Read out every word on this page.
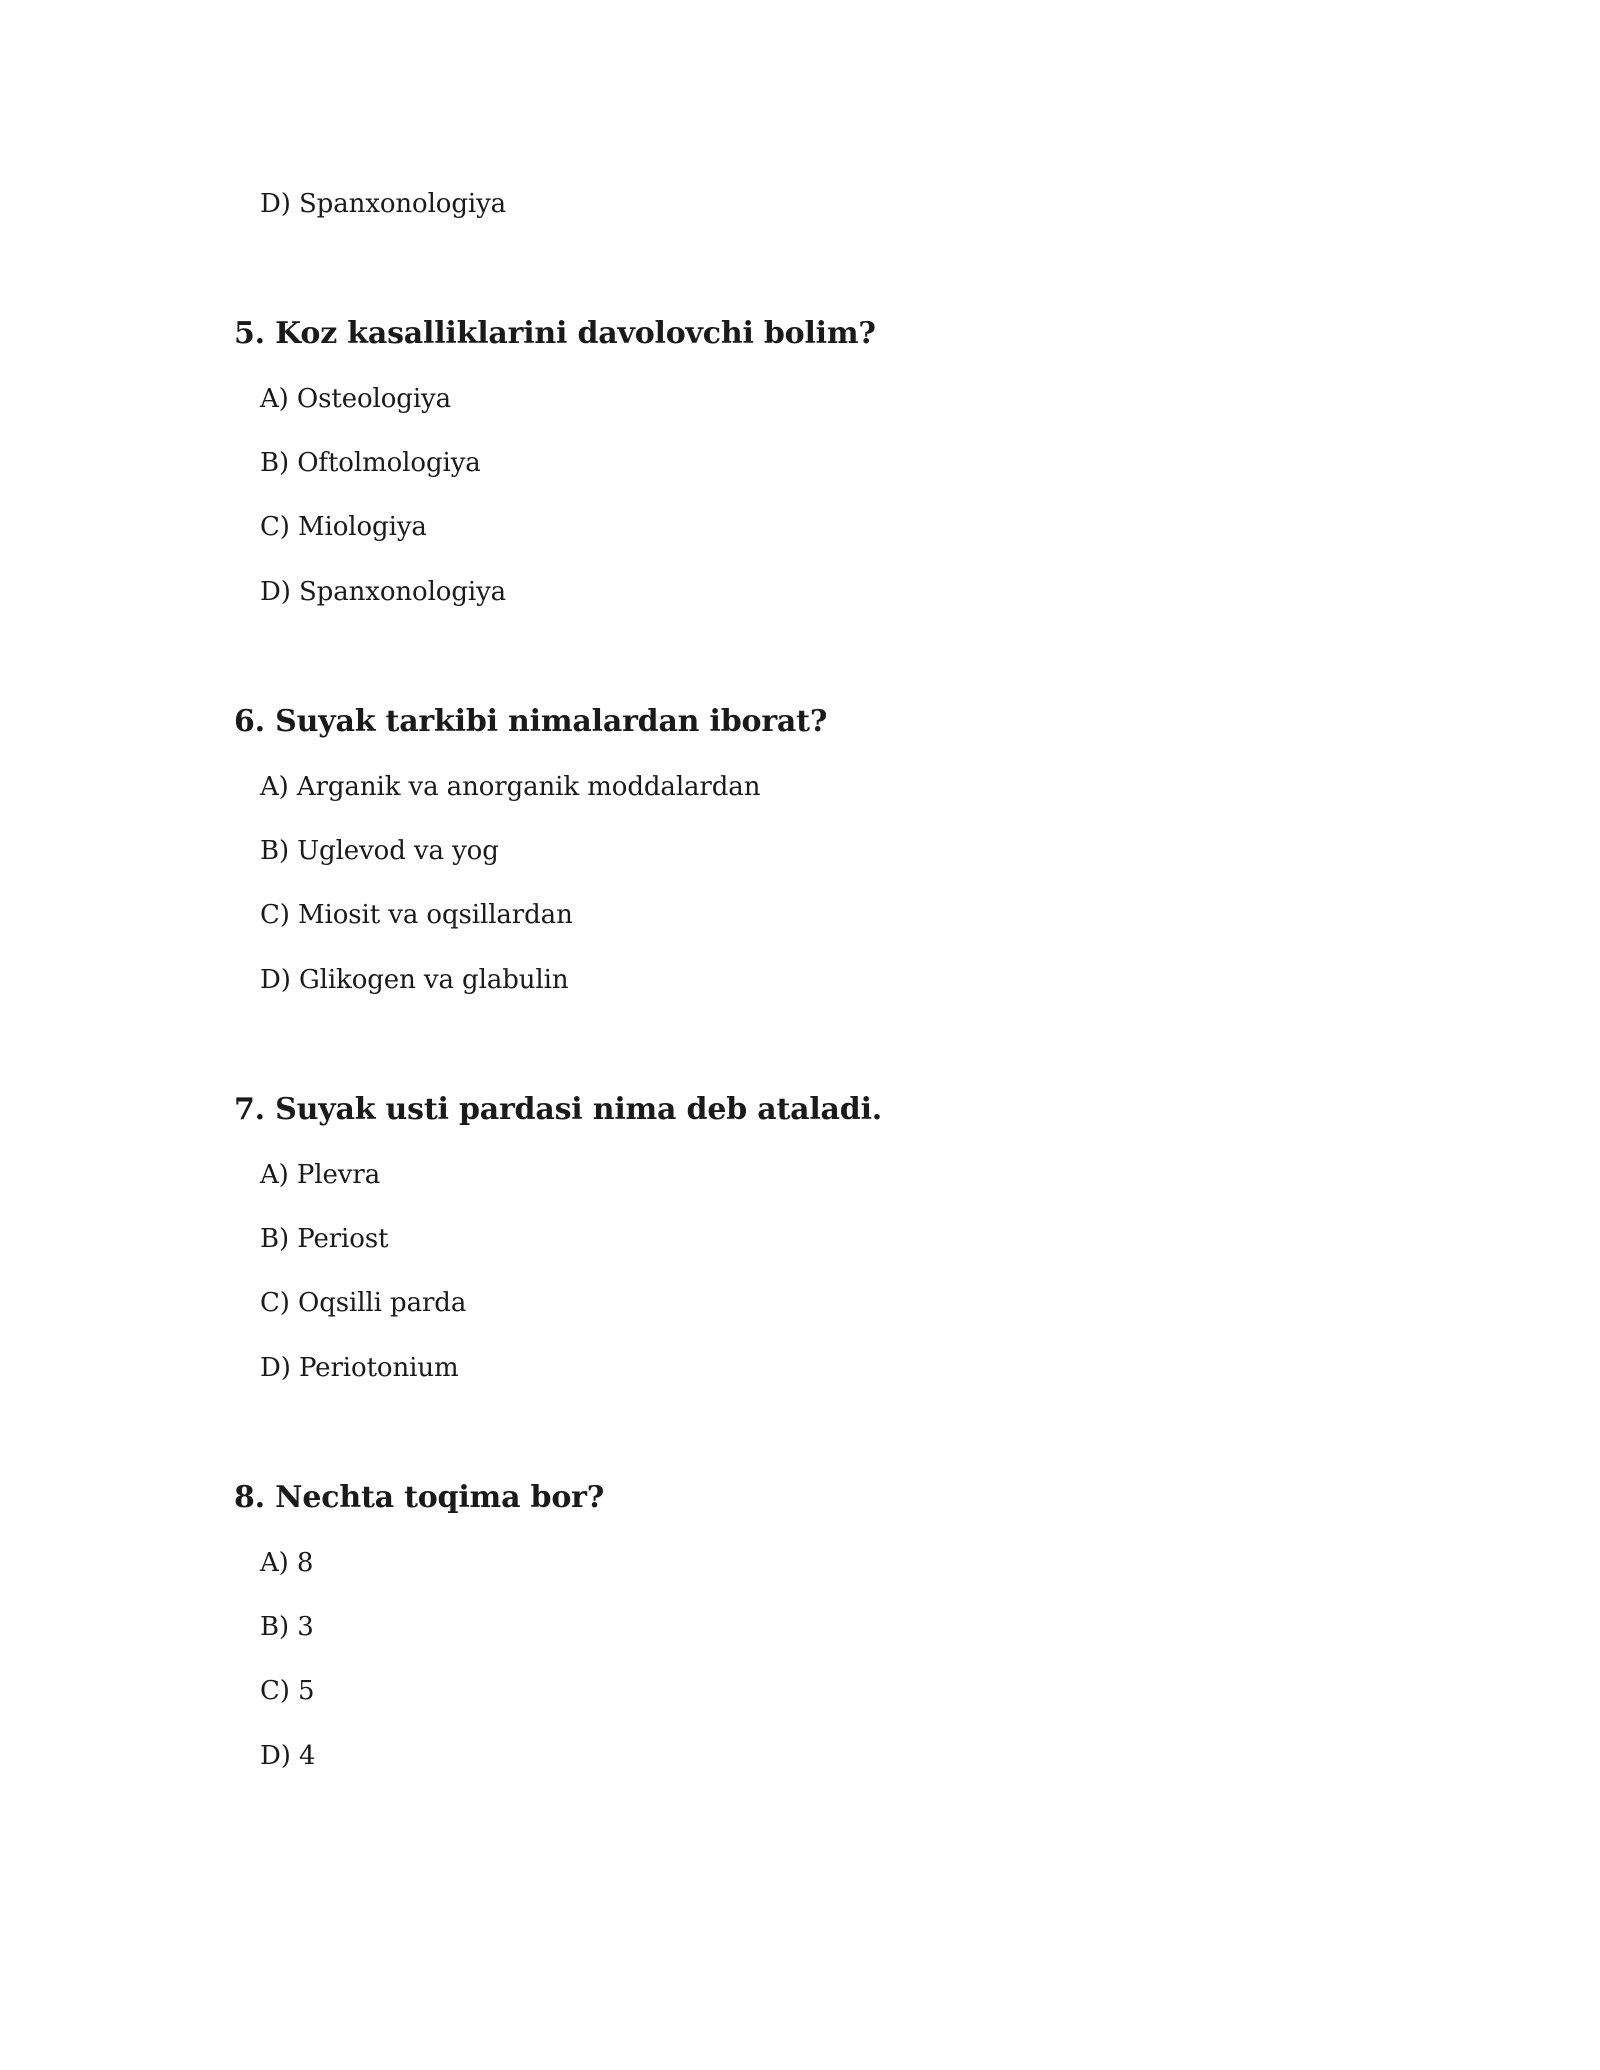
D) Spanxonologiya
5. Koz kasalliklarini davolovchi bolim?
A) Osteologiya
B) Oftolmologiya
C) Miologiya
D) Spanxonologiya
6. Suyak tarkibi nimalardan iborat?
A) Arganik va anorganik moddalardan
B) Uglevod va yog
C) Miosit va oqsillardan
D) Glikogen va glabulin
7. Suyak usti pardasi nima deb ataladi.
A) Plevra
B) Periost
C) Oqsilli parda
D) Periotonium
8. Nechta toqima bor?
A) 8
B) 3
C) 5
D) 4
